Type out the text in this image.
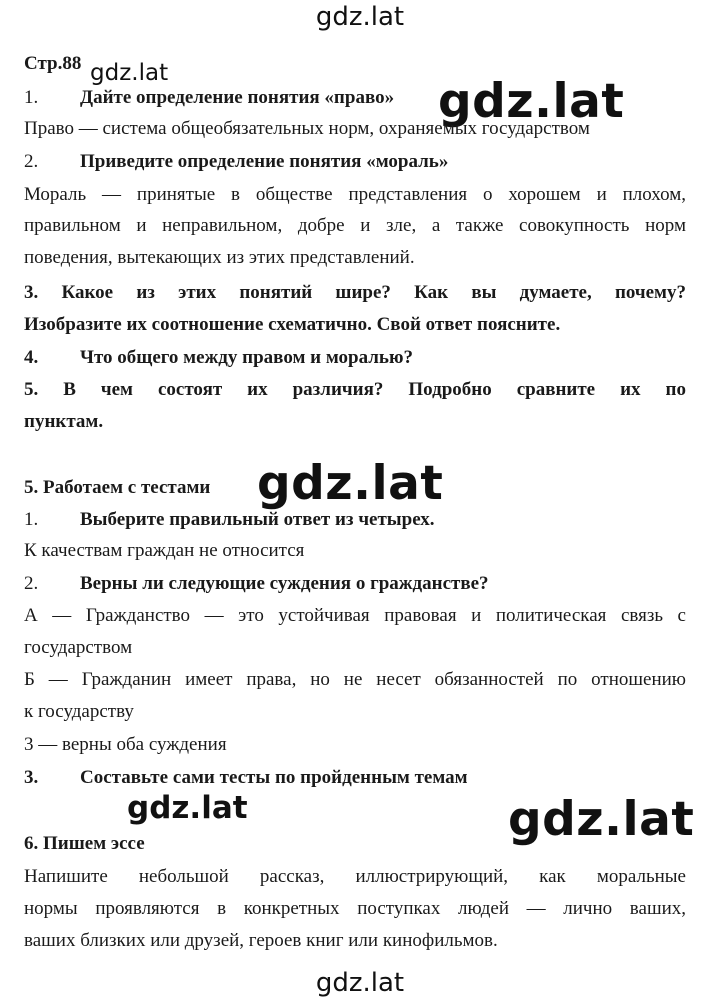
gdz.lat
gdz.lat
gdz.lat
gdz.lat
gdz.lat	gdz.lat
gdz.lat
Стр.88
1. Дайте определение понятия «право»
Право — система общеобязательных норм, охраняемых государством
2. Приведите определение понятия «мораль»
Мораль — принятые в обществе представления о хорошем и плохом,
правильном и неправильном, добре и зле, а также совокупность норм
поведения, вытекающих из этих представлений.
3. Какое из этих понятий шире? Как вы думаете, почему?
Изобразите их соотношение схематично. Свой ответ поясните.
4. Что общего между правом и моралью?
5. В чем состоят их различия? Подробно сравните их по
пунктам.
5. Работаем с тестами
1. Выберите правильный ответ из четырех.
К качествам граждан не относится
2. Верны ли следующие суждения о гражданстве?
А — Гражданство — это устойчивая правовая и политическая связь с
государством
Б — Гражданин имеет права, но не несет обязанностей по отношению
к государству
3 — верны оба суждения
3. Составьте сами тесты по пройденным темам
6. Пишем эссе
Напишите небольшой рассказ, иллюстрирующий, как моральные
нормы проявляются в конкретных поступках людей — лично ваших,
ваших близких или друзей, героев книг или кинофильмов.
